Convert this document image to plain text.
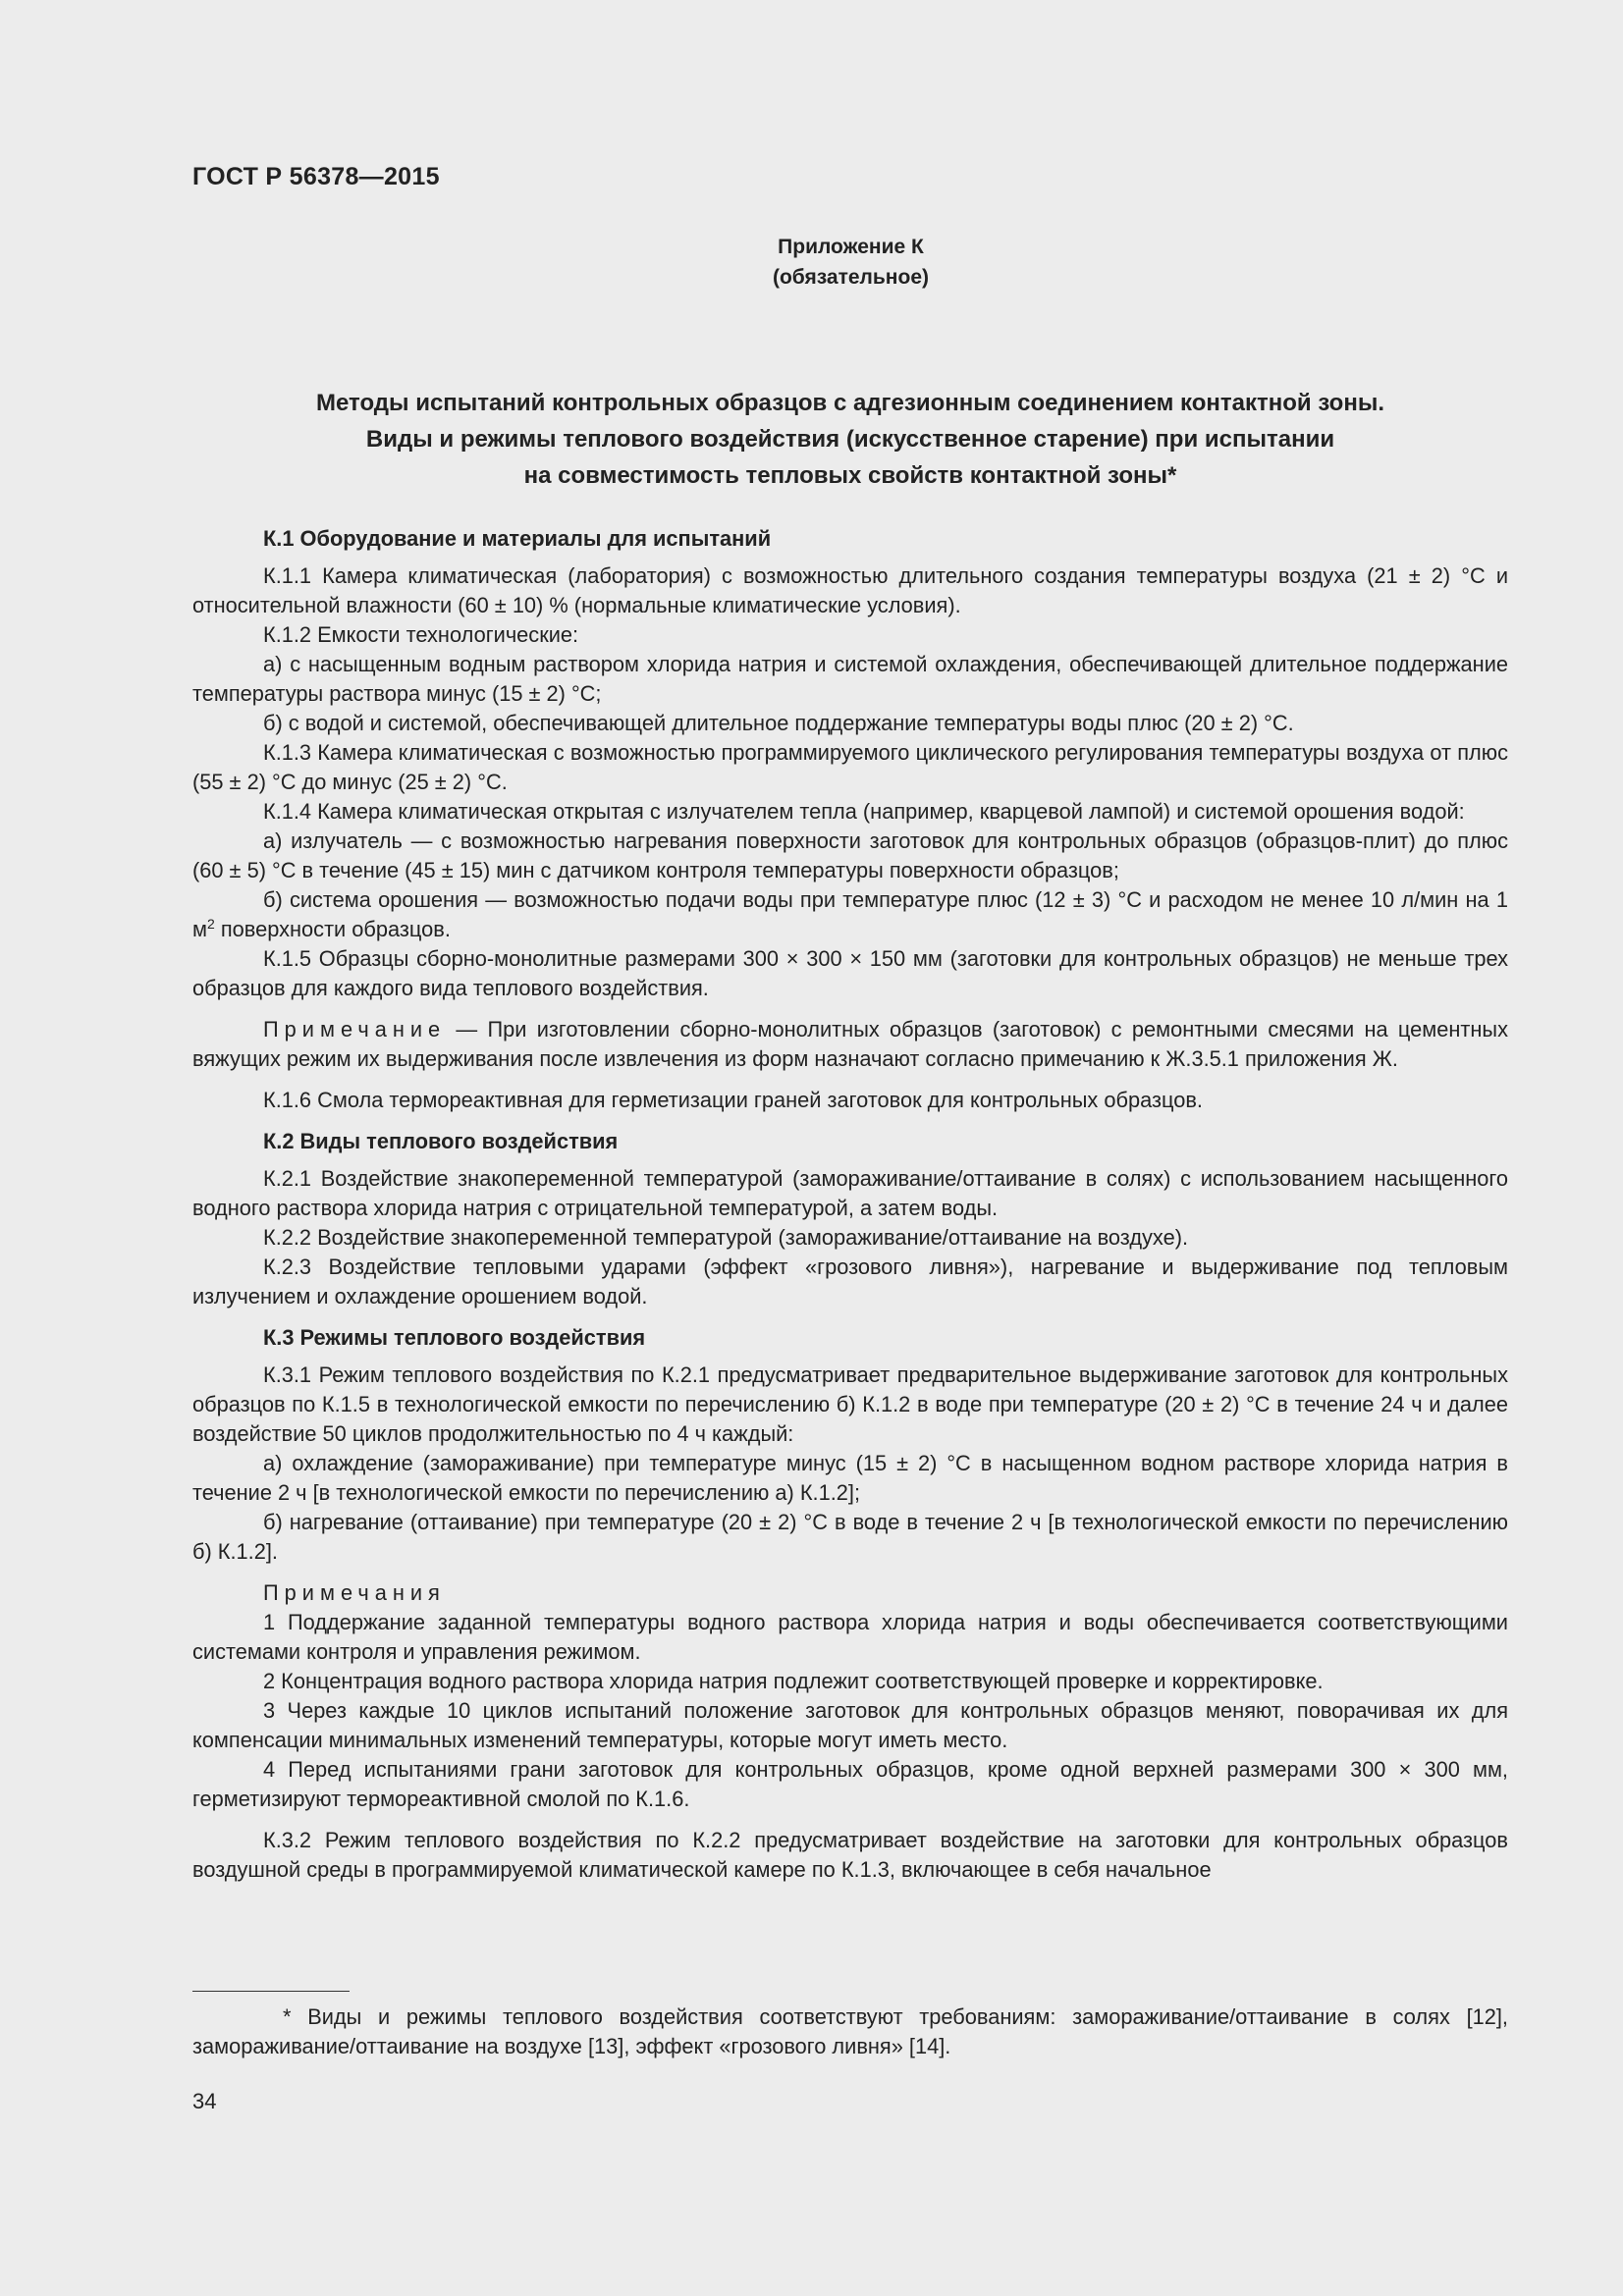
ГОСТ Р 56378—2015
Приложение К
(обязательное)
Методы испытаний контрольных образцов с адгезионным соединением контактной зоны.
Виды и режимы теплового воздействия (искусственное старение) при испытании
на совместимость тепловых свойств контактной зоны*

К.1 Оборудование и материалы для испытаний

К.1.1 Камера климатическая (лаборатория) с возможностью длительного создания температуры воздуха (21 ± 2) °С и относительной влажности (60 ± 10) % (нормальные климатические условия).

К.1.2 Емкости технологические:

а) с насыщенным водным раствором хлорида натрия и системой охлаждения, обеспечивающей длительное поддержание температуры раствора минус (15 ± 2) °С;

б) с водой и системой, обеспечивающей длительное поддержание температуры воды плюс (20 ± 2) °С.

К.1.3 Камера климатическая с возможностью программируемого циклического регулирования температуры воздуха от плюс (55 ± 2) °С до минус (25 ± 2) °С.

К.1.4 Камера климатическая открытая с излучателем тепла (например, кварцевой лампой) и системой орошения водой:

а) излучатель — с возможностью нагревания поверхности заготовок для контрольных образцов (образцов-плит) до плюс (60 ± 5) °С в течение (45 ± 15) мин с датчиком контроля температуры поверхности образцов;

б) система орошения — возможностью подачи воды при температуре плюс (12 ± 3) °С и расходом не менее 10 л/мин на 1 $м^2$ поверхности образцов.

К.1.5 Образцы сборно-монолитные размерами 300 × 300 × 150 мм (заготовки для контрольных образцов) не меньше трех образцов для каждого вида теплового воздействия.

Примечание — При изготовлении сборно-монолитных образцов (заготовок) с ремонтными смесями на цементных вяжущих режим их выдерживания после извлечения из форм назначают согласно примечанию к Ж.3.5.1 приложения Ж.

К.1.6 Смола термореактивная для герметизации граней заготовок для контрольных образцов.

К.2 Виды теплового воздействия

К.2.1 Воздействие знакопеременной температурой (замораживание/оттаивание в солях) с использованием насыщенного водного раствора хлорида натрия с отрицательной температурой, а затем воды.

К.2.2 Воздействие знакопеременной температурой (замораживание/оттаивание на воздухе).

К.2.3 Воздействие тепловыми ударами (эффект «грозового ливня»), нагревание и выдерживание под тепловым излучением и охлаждение орошением водой.

К.3 Режимы теплового воздействия

К.3.1 Режим теплового воздействия по К.2.1 предусматривает предварительное выдерживание заготовок для контрольных образцов по К.1.5 в технологической емкости по перечислению б) К.1.2 в воде при температуре (20 ± 2) °С в течение 24 ч и далее воздействие 50 циклов продолжительностью по 4 ч каждый:

а) охлаждение (замораживание) при температуре минус (15 ± 2) °С в насыщенном водном растворе хлорида натрия в течение 2 ч [в технологической емкости по перечислению а) К.1.2];

б) нагревание (оттаивание) при температуре (20 ± 2) °С в воде в течение 2 ч [в технологической емкости по перечислению б) К.1.2].

Примечания

1 Поддержание заданной температуры водного раствора хлорида натрия и воды обеспечивается соответствующими системами контроля и управления режимом.

2 Концентрация водного раствора хлорида натрия подлежит соответствующей проверке и корректировке.

3 Через каждые 10 циклов испытаний положение заготовок для контрольных образцов меняют, поворачивая их для компенсации минимальных изменений температуры, которые могут иметь место.

4 Перед испытаниями грани заготовок для контрольных образцов, кроме одной верхней размерами 300 × 300 мм, герметизируют термореактивной смолой по К.1.6.

К.3.2 Режим теплового воздействия по К.2.2 предусматривает воздействие на заготовки для контрольных образцов воздушной среды в программируемой климатической камере по К.1.3, включающее в себя начальное

* Виды и режимы теплового воздействия соответствуют требованиям: замораживание/оттаивание в солях [12], замораживание/оттаивание на воздухе [13], эффект «грозового ливня» [14].
34
